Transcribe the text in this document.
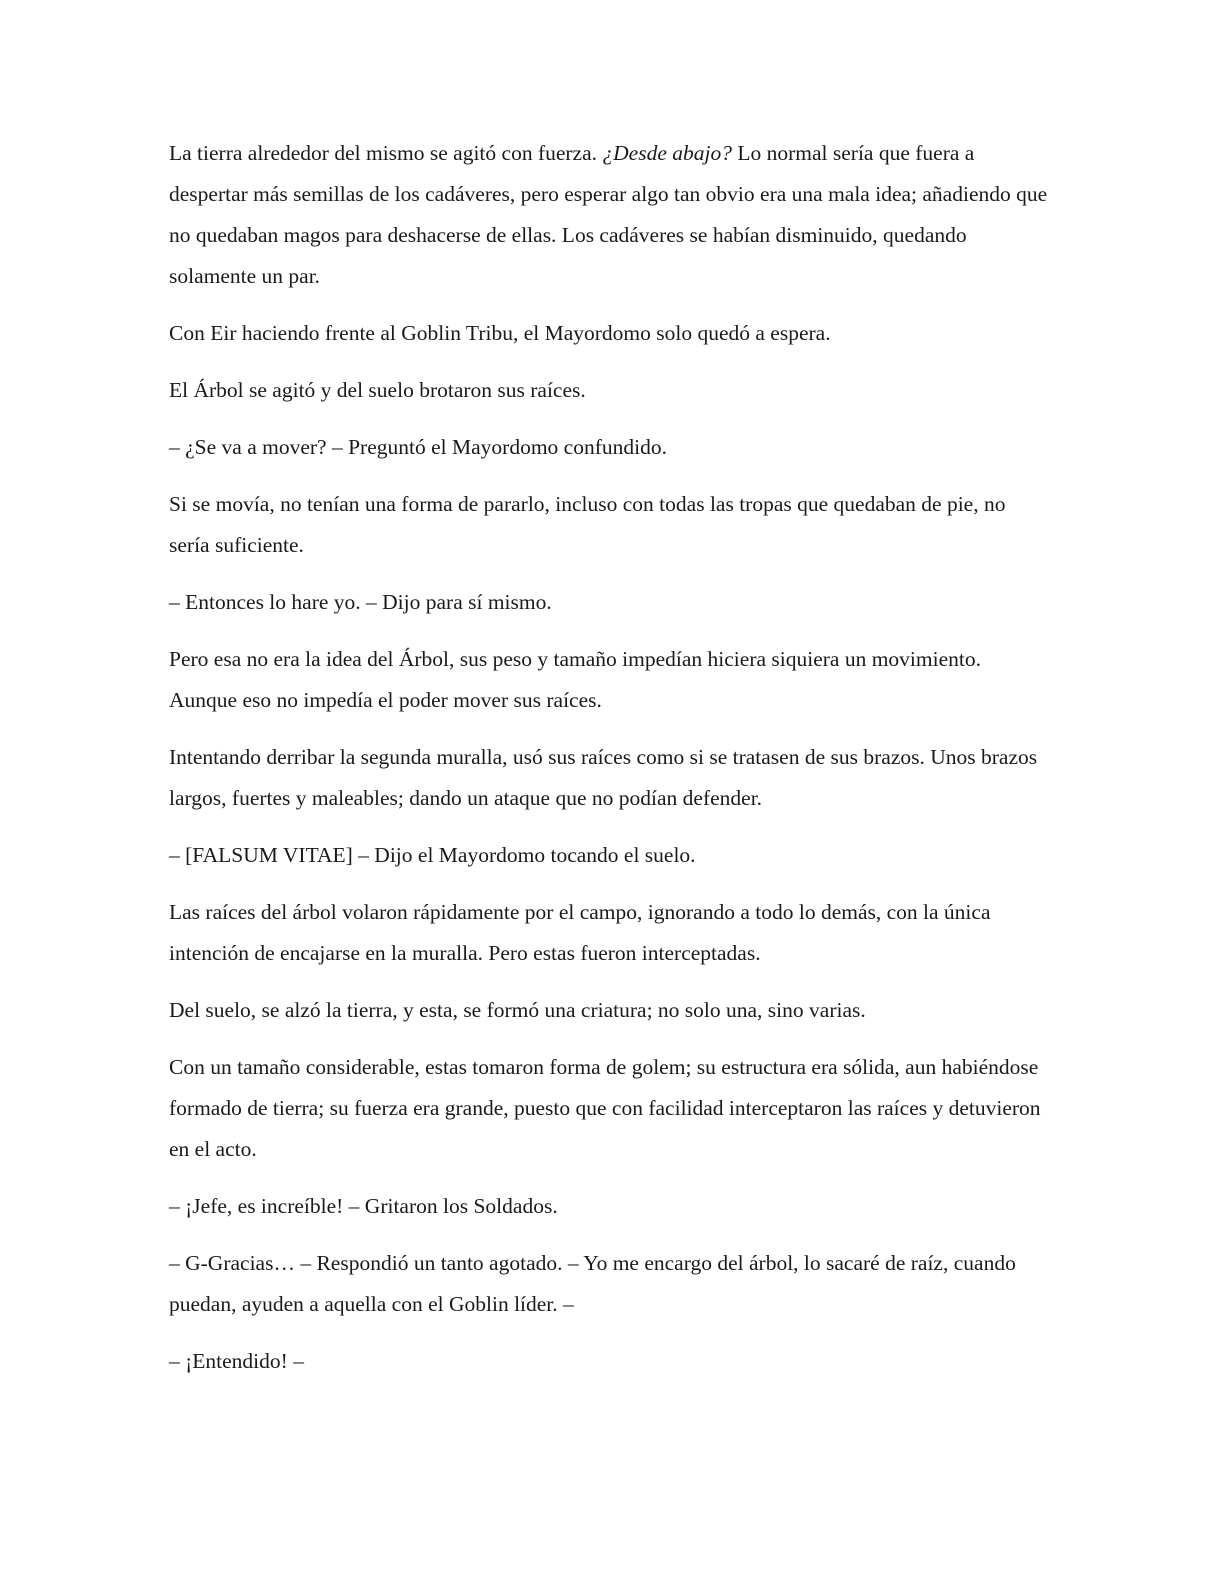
La tierra alrededor del mismo se agitó con fuerza. ¿Desde abajo? Lo normal sería que fuera a despertar más semillas de los cadáveres, pero esperar algo tan obvio era una mala idea; añadiendo que no quedaban magos para deshacerse de ellas. Los cadáveres se habían disminuido, quedando solamente un par.

Con Eir haciendo frente al Goblin Tribu, el Mayordomo solo quedó a espera.

El Árbol se agitó y del suelo brotaron sus raíces.

– ¿Se va a mover? – Preguntó el Mayordomo confundido.

Si se movía, no tenían una forma de pararlo, incluso con todas las tropas que quedaban de pie, no sería suficiente.

– Entonces lo hare yo. – Dijo para sí mismo.

Pero esa no era la idea del Árbol, sus peso y tamaño impedían hiciera siquiera un movimiento. Aunque eso no impedía el poder mover sus raíces.

Intentando derribar la segunda muralla, usó sus raíces como si se tratasen de sus brazos. Unos brazos largos, fuertes y maleables; dando un ataque que no podían defender.

– [FALSUM VITAE] – Dijo el Mayordomo tocando el suelo.

Las raíces del árbol volaron rápidamente por el campo, ignorando a todo lo demás, con la única intención de encajarse en la muralla. Pero estas fueron interceptadas.

Del suelo, se alzó la tierra, y esta, se formó una criatura; no solo una, sino varias.

Con un tamaño considerable, estas tomaron forma de golem; su estructura era sólida, aun habiéndose formado de tierra; su fuerza era grande, puesto que con facilidad interceptaron las raíces y detuvieron en el acto.

– ¡Jefe, es increíble! – Gritaron los Soldados.

– G-Gracias… – Respondió un tanto agotado. – Yo me encargo del árbol, lo sacaré de raíz, cuando puedan, ayuden a aquella con el Goblin líder. –

– ¡Entendido! –
